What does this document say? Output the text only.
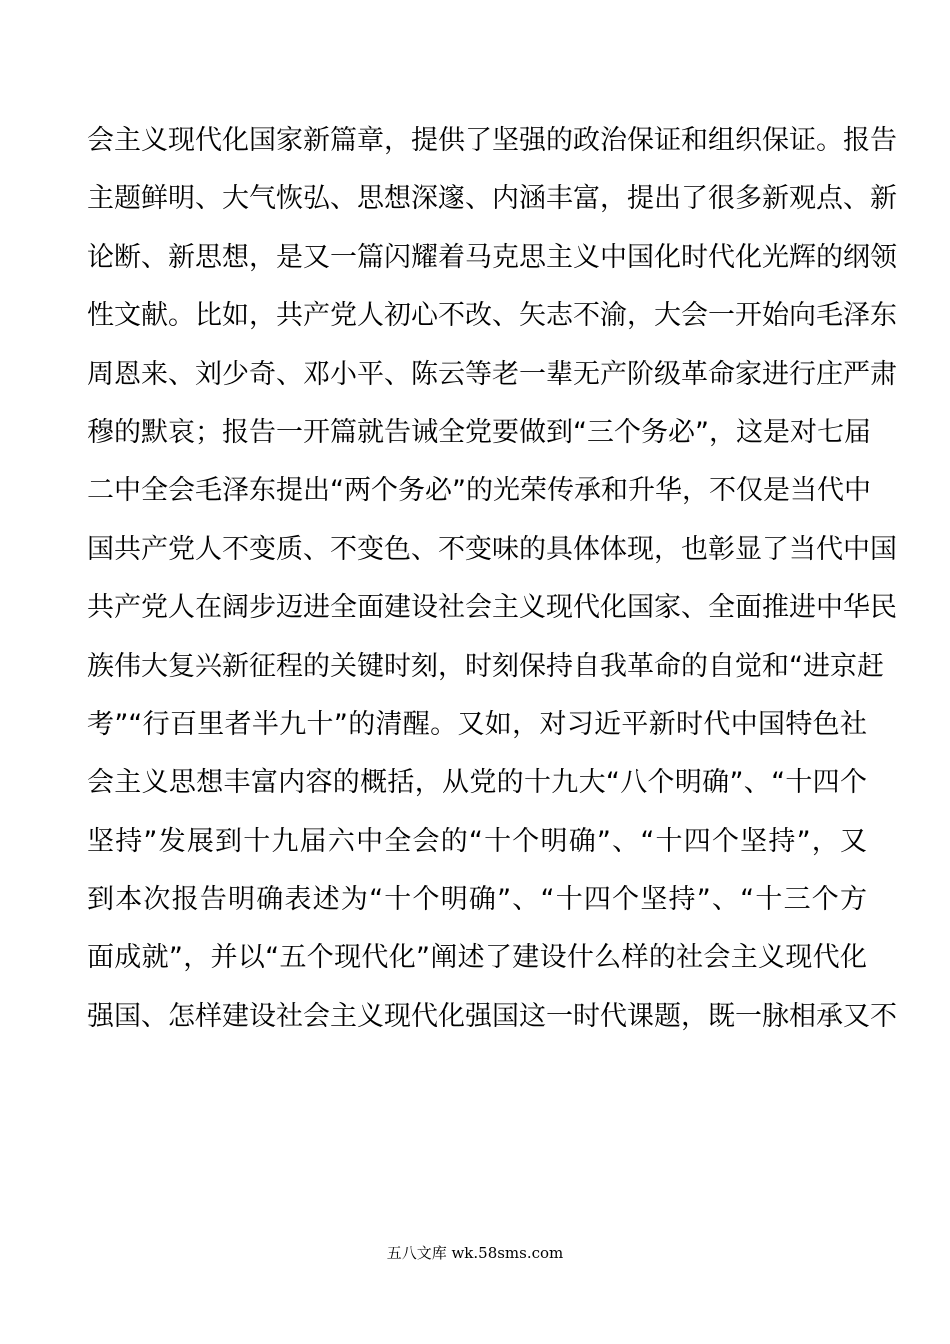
会主义现代化国家新篇章，提供了坚强的政治保证和组织保证。报告
主题鲜明、大气恢弘、思想深邃、内涵丰富，提出了很多新观点、新
论断、新思想，是又一篇闪耀着马克思主义中国化时代化光辉的纲领
性文献。比如，共产党人初心不改、矢志不渝，大会一开始向毛泽东
周恩来、刘少奇、邓小平、陈云等老一辈无产阶级革命家进行庄严肃
穆的默哀；报告一开篇就告诫全党要做到“三个务必”，这是对七届
二中全会毛泽东提出“两个务必”的光荣传承和升华，不仅是当代中
国共产党人不变质、不变色、不变味的具体体现，也彰显了当代中国
共产党人在阔步迈进全面建设社会主义现代化国家、全面推进中华民
族伟大复兴新征程的关键时刻，时刻保持自我革命的自觉和“进京赶
考”“行百里者半九十”的清醒。又如，对习近平新时代中国特色社
会主义思想丰富内容的概括，从党的十九大“八个明确”、“十四个
坚持”发展到十九届六中全会的“十个明确”、“十四个坚持”，又
到本次报告明确表述为“十个明确”、“十四个坚持”、“十三个方
面成就”，并以“五个现代化”阐述了建设什么样的社会主义现代化
强国、怎样建设社会主义现代化强国这一时代课题，既一脉相承又不
五八文库 wk.58sms.com
